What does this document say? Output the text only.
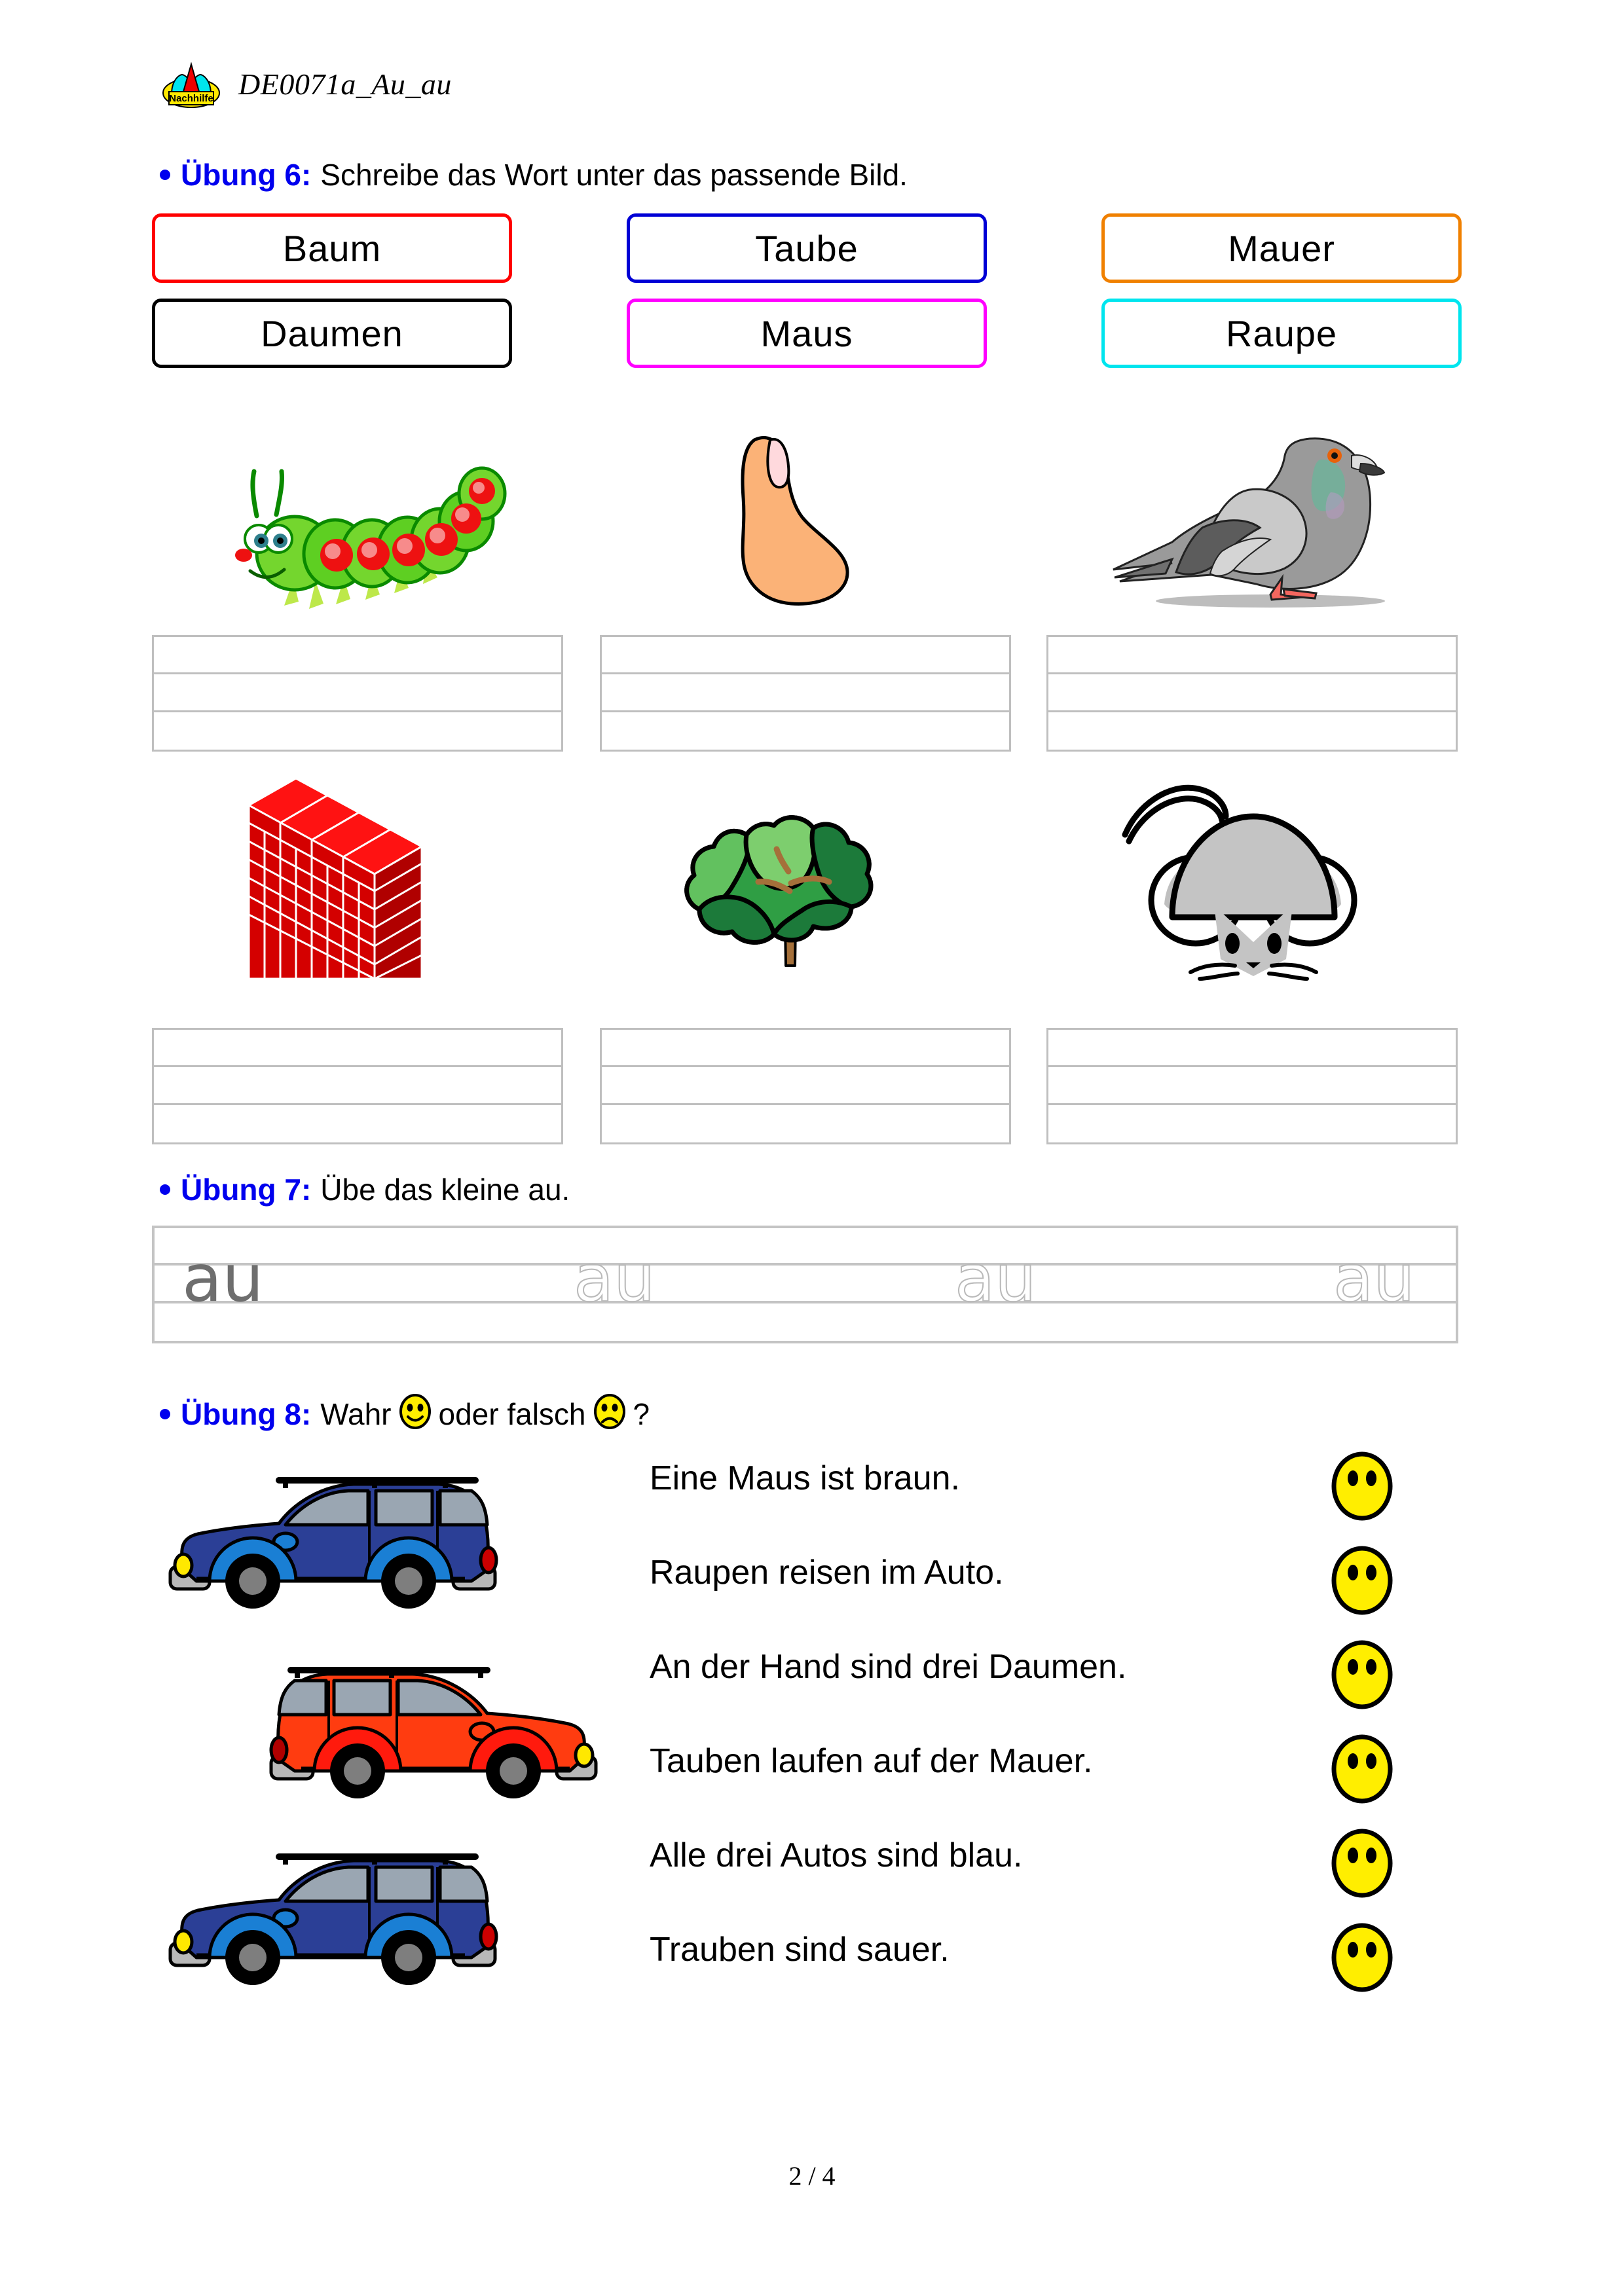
Nachhilfe DE0071a_Au_au
Übung 6: Schreibe das Wort unter das passende Bild.
Baum	Taube	Mauer
Daumen	Maus	Raupe
Übung 7: Übe das kleine au.
au	au	au	au
Übung 8: Wahr oder falsch ?
Eine Maus ist braun.
Raupen reisen im Auto.
An der Hand sind drei Daumen.
Tauben laufen auf der Mauer.
Alle drei Autos sind blau.
Trauben sind sauer.
2 / 4
